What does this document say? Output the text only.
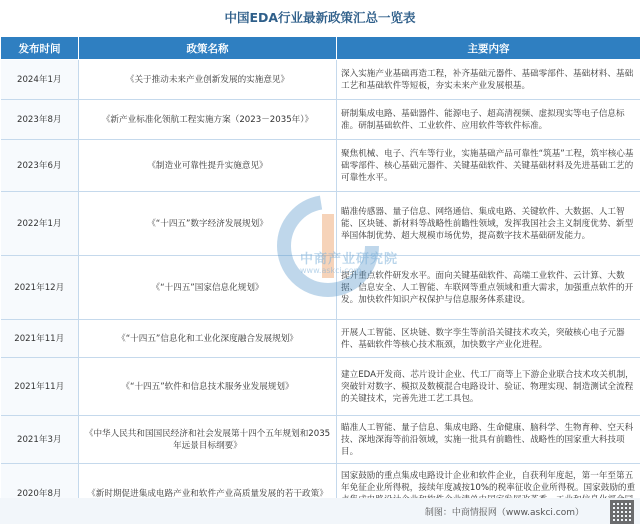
中国EDA行业最新政策汇总一览表
发布时间	政策名称	主要内容
2024年1月	《关于推动未来产业创新发展的实施意见》	深入实施产业基础再造工程，补齐基础元器件、基础零部件、基础材料、基础工艺和基础软件等短板，夯实未来产业发展根基。
2023年8月	《新产业标准化领航工程实施方案（2023－2035年）》	研制集成电路、基础器件、能源电子、超高清视频、虚拟现实等电子信息标准。研制基础软件、工业软件、应用软件等软件标准。
2023年6月	《制造业可靠性提升实施意见》	聚焦机械、电子、汽车等行业，实施基础产品可靠性“筑基”工程，筑牢核心基础零部件、核心基础元器件、关键基础软件、关键基础材料及先进基础工艺的可靠性水平。
2022年1月	《“十四五”数字经济发展规划》	瞄准传感器、量子信息、网络通信、集成电路、关键软件、大数据、人工智能、区块链、新材料等战略性前瞻性领域，发挥我国社会主义制度优势、新型举国体制优势、超大规模市场优势，提高数字技术基础研发能力。
2021年12月	《“十四五”国家信息化规划》	提升重点软件研发水平。面向关键基础软件、高端工业软件、云计算、大数据、信息安全、人工智能、车联网等重点领域和重大需求，加强重点软件的开发。加快软件知识产权保护与信息服务体系建设。
2021年11月	《“十四五”信息化和工业化深度融合发展规划》	开展人工智能、区块链、数字孪生等前沿关键技术攻关，突破核心电子元器件、基础软件等核心技术瓶颈，加快数字产业化进程。
2021年11月	《“十四五”软件和信息技术服务业发展规划》	建立EDA开发商、芯片设计企业、代工厂商等上下游企业联合技术攻关机制，突破针对数字、模拟及数模混合电路设计、验证、物理实现、制造测试全流程的关键技术，完善先进工艺工具包。
2021年3月	《中华人民共和国国民经济和社会发展第十四个五年规划和2035年远景目标纲要》	瞄准人工智能、量子信息、集成电路、生命健康、脑科学、生物育种、空天科技、深地深海等前沿领域，实施一批具有前瞻性、战略性的国家重大科技项目。
2020年8月	《新时期促进集成电路产业和软件产业高质量发展的若干政策》	国家鼓励的重点集成电路设计企业和软件企业，自获利年度起，第一年至第五年免征企业所得税，接续年度减按10%的税率征收企业所得税。国家鼓励的重
中商产业研究院
www.askci.com
制图：中商情报网（www.askci.com）
